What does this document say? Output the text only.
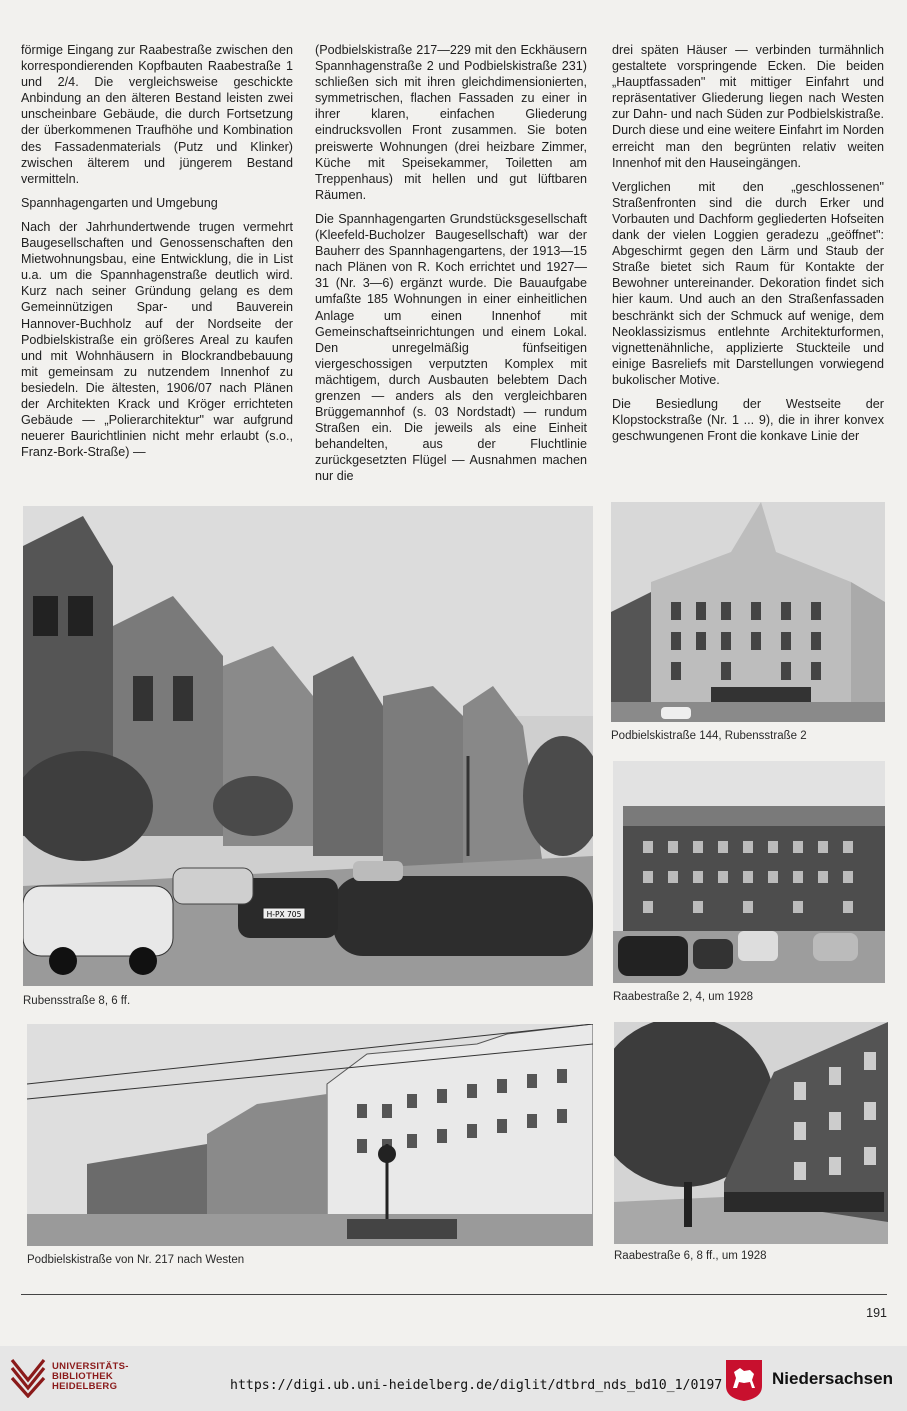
förmige Eingang zur Raabestraße zwischen den korrespondierenden Kopfbauten Raabestraße 1 und 2/4. Die vergleichsweise geschickte Anbindung an den älteren Bestand leisten zwei unscheinbare Gebäude, die durch Fortsetzung der überkommenen Traufhöhe und Kombination des Fassadenmaterials (Putz und Klinker) zwischen älterem und jüngerem Bestand vermitteln.

Spannhagengarten und Umgebung

Nach der Jahrhundertwende trugen vermehrt Baugesellschaften und Genossenschaften den Mietwohnungsbau, eine Entwicklung, die in List u.a. um die Spannhagenstraße deutlich wird. Kurz nach seiner Gründung gelang es dem Gemeinnützigen Spar- und Bauverein Hannover-Buchholz auf der Nordseite der Podbielskistraße ein größeres Areal zu kaufen und mit Wohnhäusern in Blockrandbebauung mit gemeinsam zu nutzendem Innenhof zu besiedeln. Die ältesten, 1906/07 nach Plänen der Architekten Krack und Kröger errichteten Gebäude — „Polierarchitektur" war aufgrund neuerer Baurichtlinien nicht mehr erlaubt (s.o., Franz-Bork-Straße) —

(Podbielskistraße 217—229 mit den Eckhäusern Spannhagenstraße 2 und Podbielskistraße 231) schließen sich mit ihren gleichdimensionierten, symmetrischen, flachen Fassaden zu einer in ihrer klaren, einfachen Gliederung eindrucksvollen Front zusammen. Sie boten preiswerte Wohnungen (drei heizbare Zimmer, Küche mit Speisekammer, Toiletten am Treppenhaus) mit hellen und gut lüftbaren Räumen.

Die Spannhagengarten Grundstücksgesellschaft (Kleefeld-Bucholzer Baugesellschaft) war der Bauherr des Spannhagengartens, der 1913—15 nach Plänen von R. Koch errichtet und 1927—31 (Nr. 3—6) ergänzt wurde. Die Bauaufgabe umfaßte 185 Wohnungen in einer einheitlichen Anlage um einen Innenhof mit Gemeinschaftseinrichtungen und einem Lokal. Den unregelmäßig fünfseitigen viergeschossigen verputzten Komplex mit mächtigem, durch Ausbauten belebtem Dach grenzen — anders als den vergleichbaren Brüggemannhof (s. 03 Nordstadt) — rundum Straßen ein. Die jeweils als eine Einheit behandelten, aus der Fluchtlinie zurückgesetzten Flügel — Ausnahmen machen nur die

drei späten Häuser — verbinden turmähnlich gestaltete vorspringende Ecken. Die beiden „Hauptfassaden" mit mittiger Einfahrt und repräsentativer Gliederung liegen nach Westen zur Dahn- und nach Süden zur Podbielskistraße. Durch diese und eine weitere Einfahrt im Norden erreicht man den begrünten relativ weiten Innenhof mit den Hauseingängen.

Verglichen mit den „geschlossenen" Straßenfronten sind die durch Erker und Vorbauten und Dachform gegliederten Hofseiten dank der vielen Loggien geradezu „geöffnet": Abgeschirmt gegen den Lärm und Staub der Straße bietet sich Raum für Kontakte der Bewohner untereinander. Dekoration findet sich hier kaum. Und auch an den Straßenfassaden beschränkt sich der Schmuck auf wenige, dem Neoklassizismus entlehnte Architekturformen, vignettenähnliche, applizierte Stuckteile und einige Basreliefs mit Darstellungen vorwiegend bukolischer Motive.

Die Besiedlung der Westseite der Klopstockstraße (Nr. 1 ... 9), die in ihrer konvex geschwungenen Front die konkave Linie der

H-PX 705
Rubensstraße 8, 6 ff.
Podbielskistraße 144, Rubensstraße 2
Raabestraße 2, 4, um 1928
Podbielskistraße von Nr. 217 nach Westen	Raabestraße 6, 8 ff., um 1928
191
UNIVERSITÄTS-
BIBLIOTHEK
HEIDELBERG	https://digi.ub.uni-heidelberg.de/diglit/dtbrd_nds_bd10_1/0197	Niedersachsen
